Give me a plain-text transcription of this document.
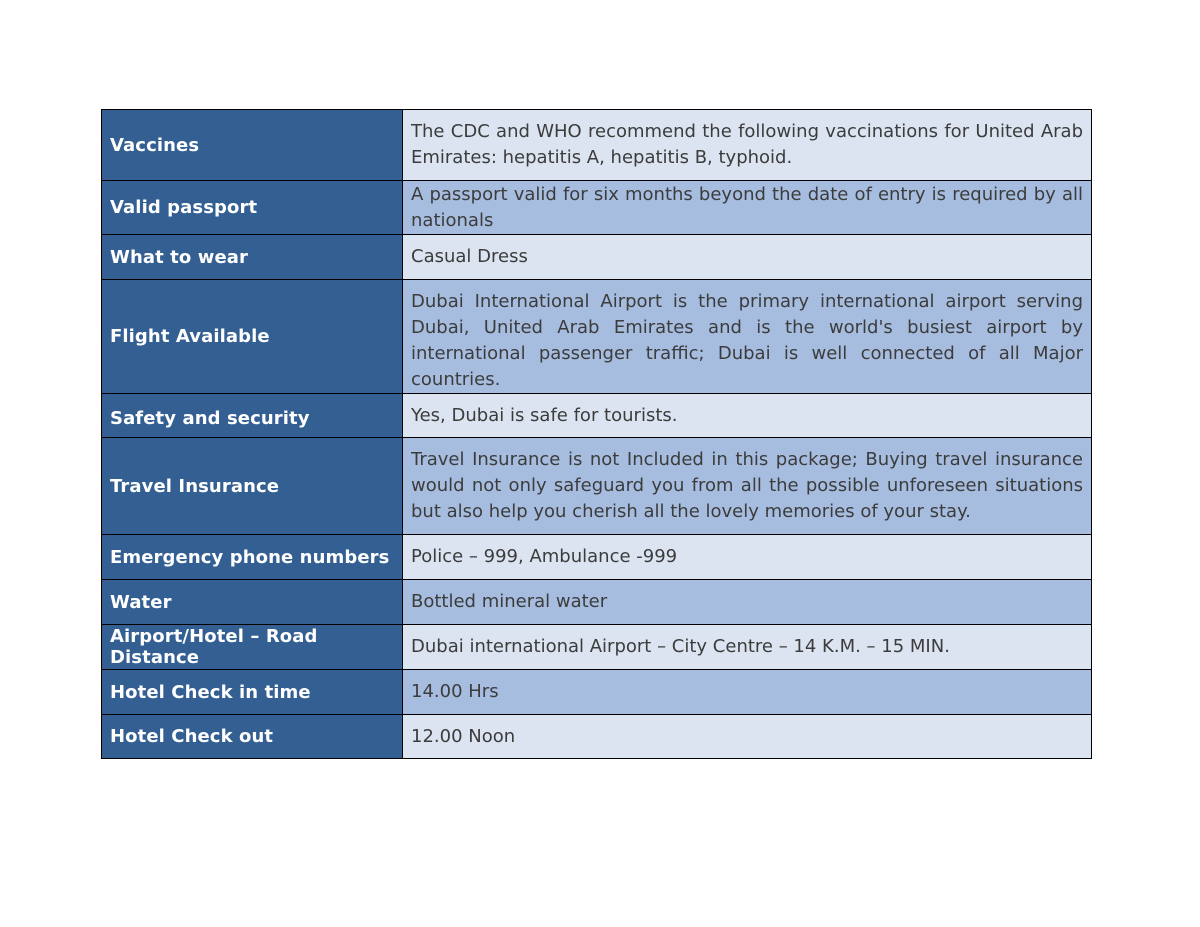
Vaccines	The CDC and WHO recommend the following vaccinations for United Arab Emirates: hepatitis A, hepatitis B, typhoid.
Valid passport	A passport valid for six months beyond the date of entry is required by all nationals
What to wear	Casual Dress
Flight Available	Dubai International Airport is the primary international airport serving Dubai, United Arab Emirates and is the world's busiest airport by international passenger traffic; Dubai is well connected of all Major countries.
Safety and security	Yes, Dubai is safe for tourists.
Travel Insurance	Travel Insurance is not Included in this package; Buying travel insurance would not only safeguard you from all the possible unforeseen situations but also help you cherish all the lovely memories of your stay.
Emergency phone numbers	Police – 999, Ambulance -999
Water	Bottled mineral water
Airport/Hotel – Road Distance	Dubai international Airport – City Centre – 14 K.M. – 15 MIN.
Hotel Check in time	14.00 Hrs
Hotel Check out	12.00 Noon
